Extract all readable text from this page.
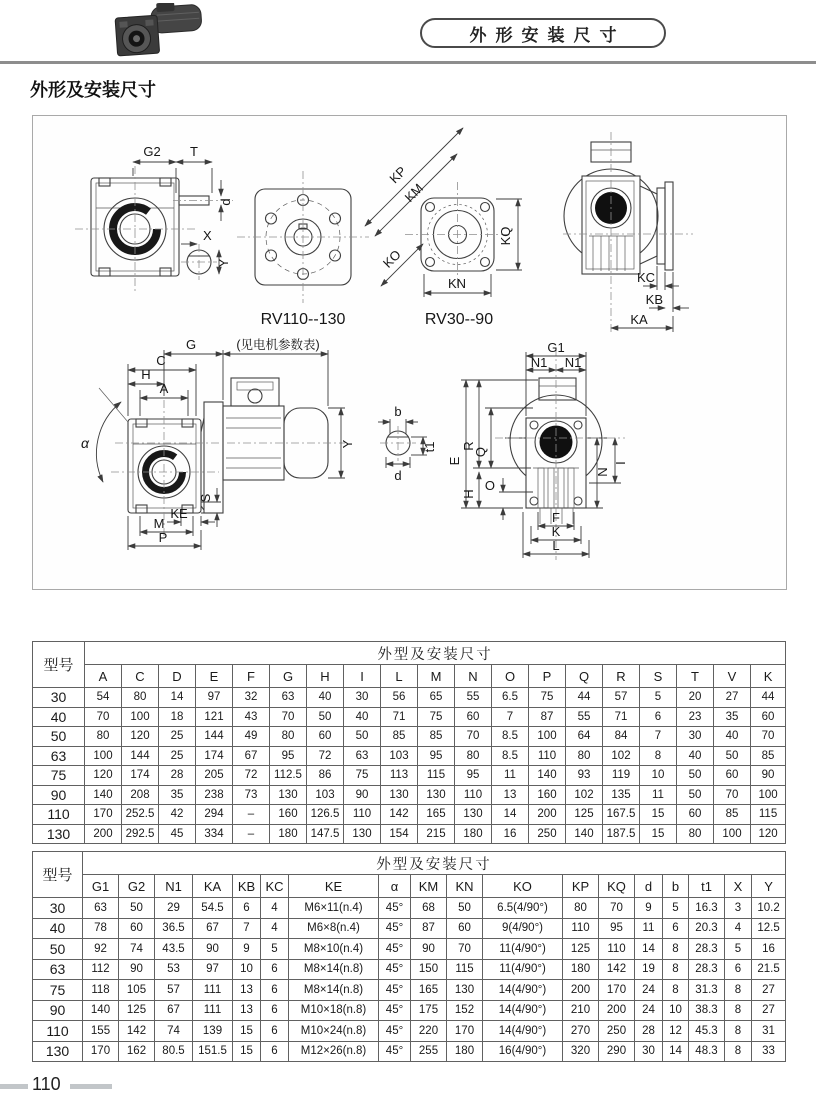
外形安装尺寸
外形及安装尺寸
G2 T
d
X
Y
RV110--130
KP
KM
KO
KQ
KN
RV30--90
KC
KB
KA
α
G	(见电机参数表)
C
H
A
S
KE
M
P
Y
b
t1
d
G1
N1 N1
E
R
Q
H
O
N
I
F
K
L
型号	外型及安装尺寸																		
	A	C	D	E	F	G	H	I	L	M	N	O	P	Q	R	S	T	V	K
30	54	80	14	97	32	63	40	30	56	65	55	6.5	75	44	57	5	20	27	44
40	70	100	18	121	43	70	50	40	71	75	60	7	87	55	71	6	23	35	60
50	80	120	25	144	49	80	60	50	85	85	70	8.5	100	64	84	7	30	40	70
63	100	144	25	174	67	95	72	63	103	95	80	8.5	110	80	102	8	40	50	85
75	120	174	28	205	72	112.5	86	75	113	115	95	11	140	93	119	10	50	60	90
90	140	208	35	238	73	130	103	90	130	130	110	13	160	102	135	11	50	70	100
110	170	252.5	42	294	–	160	126.5	110	142	165	130	14	200	125	167.5	15	60	85	115
130	200	292.5	45	334	–	180	147.5	130	154	215	180	16	250	140	187.5	15	80	100	120
型号	外型及安装尺寸																	
	G1	G2	N1	KA	KB	KC	KE	α	KM	KN	KO	KP	KQ	d	b	t1	X	Y
30	63	50	29	54.5	6	4	M6×11(n.4)	45°	68	50	6.5(4/90°)	80	70	9	5	16.3	3	10.2
40	78	60	36.5	67	7	4	M6×8(n.4)	45°	87	60	9(4/90°)	110	95	11	6	20.3	4	12.5
50	92	74	43.5	90	9	5	M8×10(n.4)	45°	90	70	11(4/90°)	125	110	14	8	28.3	5	16
63	112	90	53	97	10	6	M8×14(n.8)	45°	150	115	11(4/90°)	180	142	19	8	28.3	6	21.5
75	118	105	57	111	13	6	M8×14(n.8)	45°	165	130	14(4/90°)	200	170	24	8	31.3	8	27
90	140	125	67	111	13	6	M10×18(n.8)	45°	175	152	14(4/90°)	210	200	24	10	38.3	8	27
110	155	142	74	139	15	6	M10×24(n.8)	45°	220	170	14(4/90°)	270	250	28	12	45.3	8	31
130	170	162	80.5	151.5	15	6	M12×26(n.8)	45°	255	180	16(4/90°)	320	290	30	14	48.3	8	33
110
